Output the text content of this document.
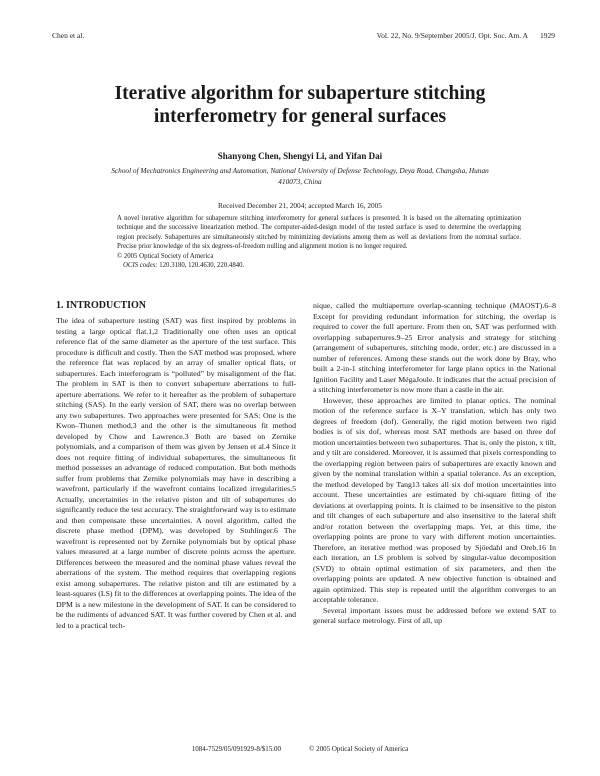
Chen et al.	Vol. 22, No. 9/September 2005/J. Opt. Soc. Am. A 1929
Iterative algorithm for subaperture stitching interferometry for general surfaces
Shanyong Chen, Shengyi Li, and Yifan Dai
School of Mechatronics Engineering and Automation, National University of Defense Technology, Deya Road, Changsha, Hunan 410073, China
Received December 21, 2004; accepted March 16, 2005

A novel iterative algorithm for subaperture stitching interferometry for general surfaces is presented. It is based on the alternating optimization technique and the successive linearization method. The computer-aided-design model of the tested surface is used to determine the overlapping region precisely. Subapertures are simultaneously stitched by minimizing deviations among them as well as deviations from the nominal surface. Precise prior knowledge of the six degrees-of-freedom nulling and alignment motion is no longer required.

© 2005 Optical Society of America

OCIS codes: 120.3180, 120.4630, 220.4840.

1. INTRODUCTION

The idea of subaperture testing (SAT) was first inspired by problems in testing a large optical flat.1,2 Traditionally one often uses an optical reference flat of the same diameter as the aperture of the test surface. This procedure is difficult and costly. Then the SAT method was proposed, where the reference flat was replaced by an array of smaller optical flats, or subapertures. Each interferogram is “polluted” by misalignment of the flat. The problem in SAT is then to convert subaperture aberrations to full-aperture aberrations. We refer to it hereafter as the problem of subaperture stitching (SAS). In the early version of SAT, there was no overlap between any two subapertures. Two approaches were presented for SAS: One is the Kwon–Thunen method,3 and the other is the simultaneous fit method developed by Chow and Lawrence.3 Both are based on Zernike polynomials, and a comparison of them was given by Jensen et al.4 Since it does not require fitting of individual subapertures, the simultaneous fit method possesses an advantage of reduced computation. But both methods suffer from problems that Zernike polynomials may have in describing a wavefront, particularly if the wavefront contains localized irregularities.5 Actually, uncertainties in the relative piston and tilt of subapertures do significantly reduce the test accuracy. The straightforward way is to estimate and then compensate these uncertainties. A novel algorithm, called the discrete phase method (DPM), was developed by Stuhlinger.6 The wavefront is represented not by Zernike polynomials but by optical phase values measured at a large number of discrete points across the aperture. Differences between the measured and the nominal phase values reveal the aberrations of the system. The method requires that overlapping regions exist among subapertures. The relative piston and tilt are estimated by a least-squares (LS) fit to the differences at overlapping points. The idea of the DPM is a new milestone in the development of SAT. It can be considered to be the rudiments of advanced SAT. It was further covered by Chen et al. and led to a practical tech-

nique, called the multiaperture overlap-scanning technique (MAOST).6–8 Except for providing redundant information for stitching, the overlap is required to cover the full aperture. From then on, SAT was performed with overlapping subapertures.9–25 Error analysis and strategy for stitching (arrangement of subapertures, stitching mode, order, etc.) are discussed in a number of references. Among these stands out the work done by Bray, who built a 2-in-1 stitching interferometer for large plano optics in the National Ignition Facility and Laser MégaJoule. It indicates that the actual precision of a stitching interferometer is now more than a castle in the air.

However, these approaches are limited to planar optics. The nominal motion of the reference surface is X–Y translation, which has only two degrees of freedom (dof). Generally, the rigid motion between two rigid bodies is of six dof, whereas most SAT methods are based on three dof motion uncertainties between two subapertures. That is, only the piston, x tilt, and y tilt are considered. Moreover, it is assumed that pixels corresponding to the overlapping region between pairs of subapertures are exactly known and given by the nominal translation within a spatial tolerance. As an exception, the method developed by Tang13 takes all six dof motion uncertainties into account. These uncertainties are estimated by chi-square fitting of the deviations at overlapping points. It is claimed to be insensitive to the piston and tilt changes of each subaperture and also insensitive to the lateral shift and/or rotation between the overlapping maps. Yet, at this time, the overlapping points are prone to vary with different motion uncertainties. Therefore, an iterative method was proposed by Sjöedahl and Oreb.16 In each iteration, an LS problem is solved by singular-value decomposition (SVD) to obtain optimal estimation of six parameters, and then the overlapping points are updated. A new objective function is obtained and again optimized. This step is repeated until the algorithm converges to an acceptable tolerance.

Several important issues must be addressed before we extend SAT to general surface metrology. First of all, up

1084-7529/05/091929-8/$15.00	© 2005 Optical Society of America
